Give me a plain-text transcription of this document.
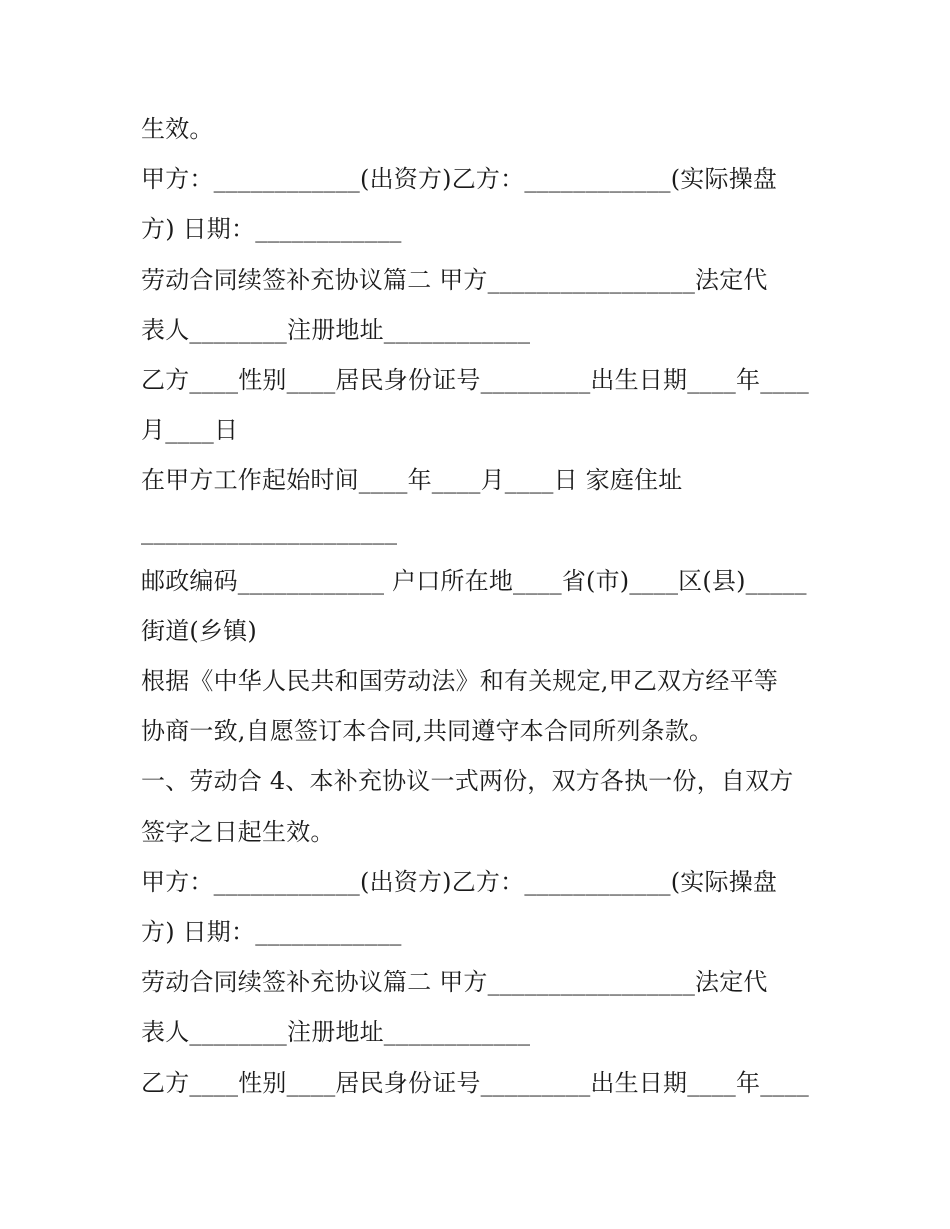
生效。
甲方：____________(出资方)乙方：____________(实际操盘
方) 日期：____________
劳动合同续签补充协议篇二 甲方_________________法定代
表人________注册地址____________
乙方____性别____居民身份证号_________出生日期____年____
月____日
在甲方工作起始时间____年____月____日 家庭住址
_____________________
邮政编码____________ 户口所在地____省(市)____区(县)_____
街道(乡镇)
根据《中华人民共和国劳动法》和有关规定,甲乙双方经平等
协商一致,自愿签订本合同,共同遵守本合同所列条款。
一、劳动合 4、本补充协议一式两份，双方各执一份，自双方
签字之日起生效。
甲方：____________(出资方)乙方：____________(实际操盘
方) 日期：____________
劳动合同续签补充协议篇二 甲方_________________法定代
表人________注册地址____________
乙方____性别____居民身份证号_________出生日期____年____
